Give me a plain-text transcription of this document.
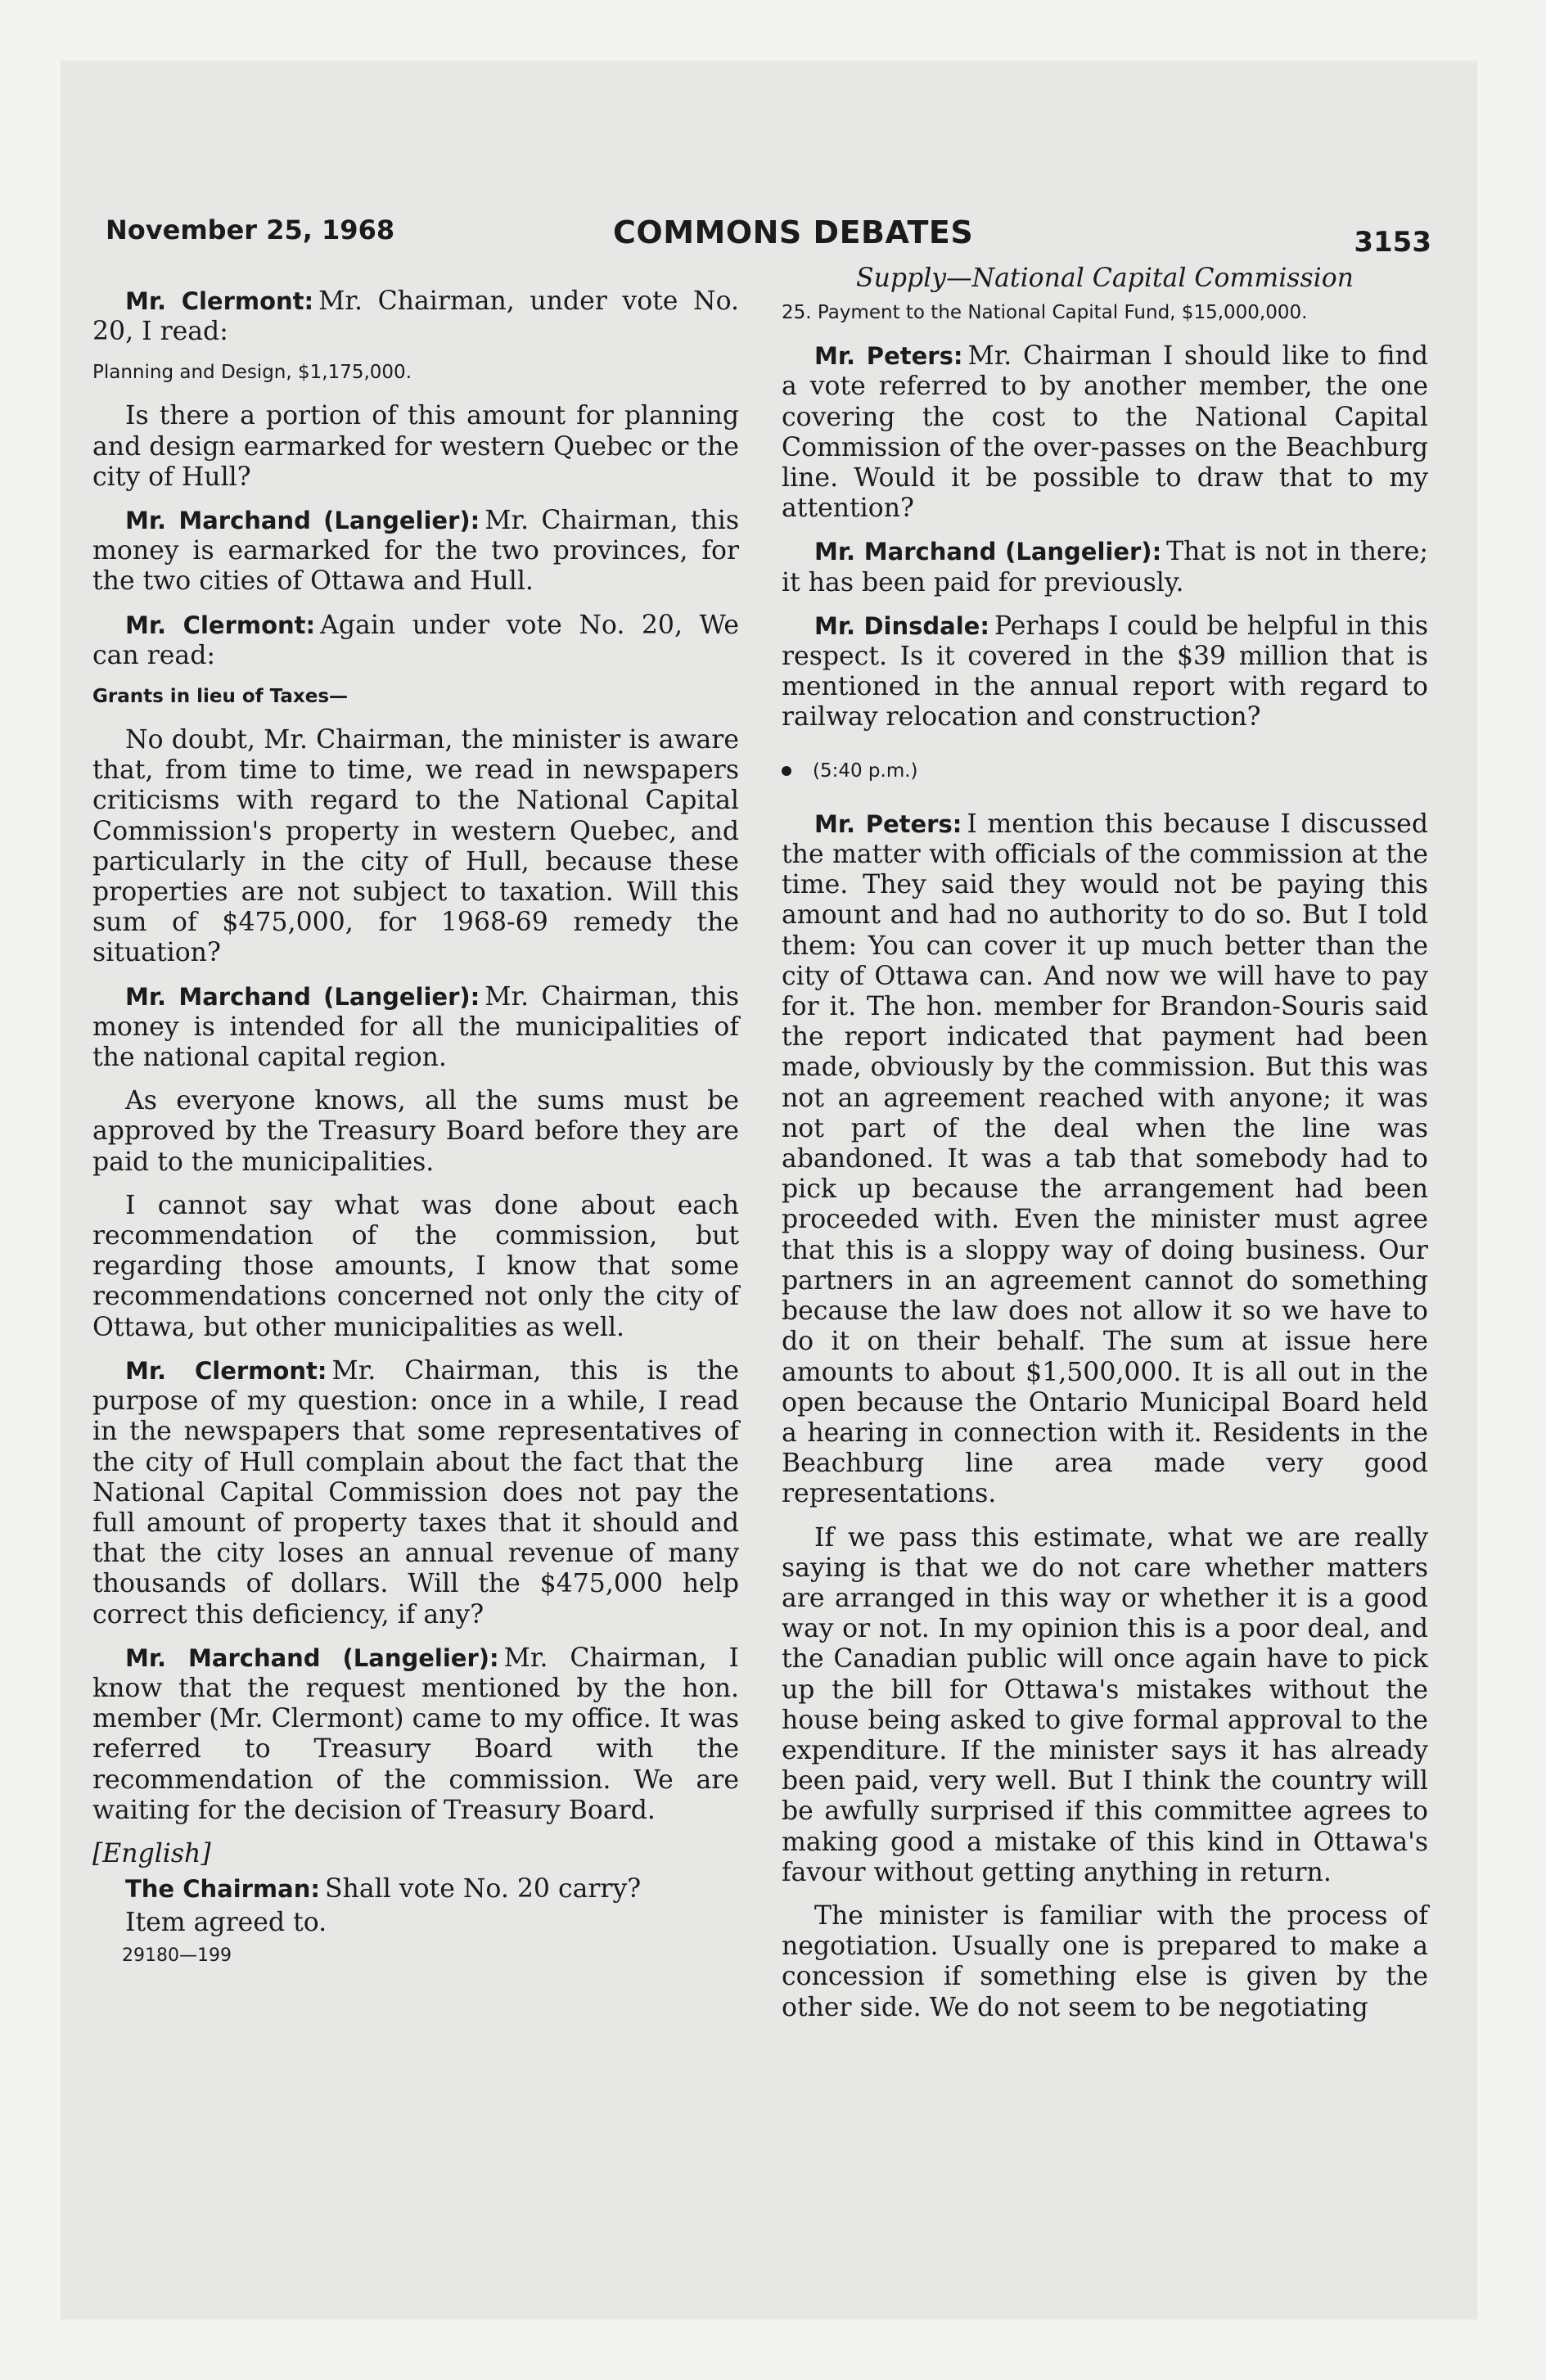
November 25, 1968	COMMONS DEBATES	3153

Mr. Clermont: Mr. Chairman, under vote No. 20, I read:

Planning and Design, $1,175,000.

Is there a portion of this amount for planning and design earmarked for western Quebec or the city of Hull?

Mr. Marchand (Langelier): Mr. Chairman, this money is earmarked for the two provinces, for the two cities of Ottawa and Hull.

Mr. Clermont: Again under vote No. 20, We can read:

Grants in lieu of Taxes—

No doubt, Mr. Chairman, the minister is aware that, from time to time, we read in newspapers criticisms with regard to the National Capital Commission's property in western Quebec, and particularly in the city of Hull, because these properties are not subject to taxation. Will this sum of $475,000, for 1968-69 remedy the situation?

Mr. Marchand (Langelier): Mr. Chairman, this money is intended for all the municipalities of the national capital region.

As everyone knows, all the sums must be approved by the Treasury Board before they are paid to the municipalities.

I cannot say what was done about each recommendation of the commission, but regarding those amounts, I know that some recommendations concerned not only the city of Ottawa, but other municipalities as well.

Mr. Clermont: Mr. Chairman, this is the purpose of my question: once in a while, I read in the newspapers that some representatives of the city of Hull complain about the fact that the National Capital Commission does not pay the full amount of property taxes that it should and that the city loses an annual revenue of many thousands of dollars. Will the $475,000 help correct this deficiency, if any?

Mr. Marchand (Langelier): Mr. Chairman, I know that the request mentioned by the hon. member (Mr. Clermont) came to my office. It was referred to Treasury Board with the recommendation of the commission. We are waiting for the decision of Treasury Board.

[English]

The Chairman: Shall vote No. 20 carry?

Item agreed to.

29180—199

Supply—National Capital Commission

25. Payment to the National Capital Fund, $15,000,000.

Mr. Peters: Mr. Chairman I should like to find a vote referred to by another member, the one covering the cost to the National Capital Commission of the over-passes on the Beachburg line. Would it be possible to draw that to my attention?

Mr. Marchand (Langelier): That is not in there; it has been paid for previously.

Mr. Dinsdale: Perhaps I could be helpful in this respect. Is it covered in the $39 million that is mentioned in the annual report with regard to railway relocation and construction?

(5:40 p.m.)

Mr. Peters: I mention this because I discussed the matter with officials of the commission at the time. They said they would not be paying this amount and had no authority to do so. But I told them: You can cover it up much better than the city of Ottawa can. And now we will have to pay for it. The hon. member for Brandon-Souris said the report indicated that payment had been made, obviously by the commission. But this was not an agreement reached with anyone; it was not part of the deal when the line was abandoned. It was a tab that somebody had to pick up because the arrangement had been proceeded with. Even the minister must agree that this is a sloppy way of doing business. Our partners in an agreement cannot do something because the law does not allow it so we have to do it on their behalf. The sum at issue here amounts to about $1,500,000. It is all out in the open because the Ontario Municipal Board held a hearing in connection with it. Residents in the Beachburg line area made very good representations.

If we pass this estimate, what we are really saying is that we do not care whether matters are arranged in this way or whether it is a good way or not. In my opinion this is a poor deal, and the Canadian public will once again have to pick up the bill for Ottawa's mistakes without the house being asked to give formal approval to the expenditure. If the minister says it has already been paid, very well. But I think the country will be awfully surprised if this committee agrees to making good a mistake of this kind in Ottawa's favour without getting anything in return.

The minister is familiar with the process of negotiation. Usually one is prepared to make a concession if something else is given by the other side. We do not seem to be negotiating
